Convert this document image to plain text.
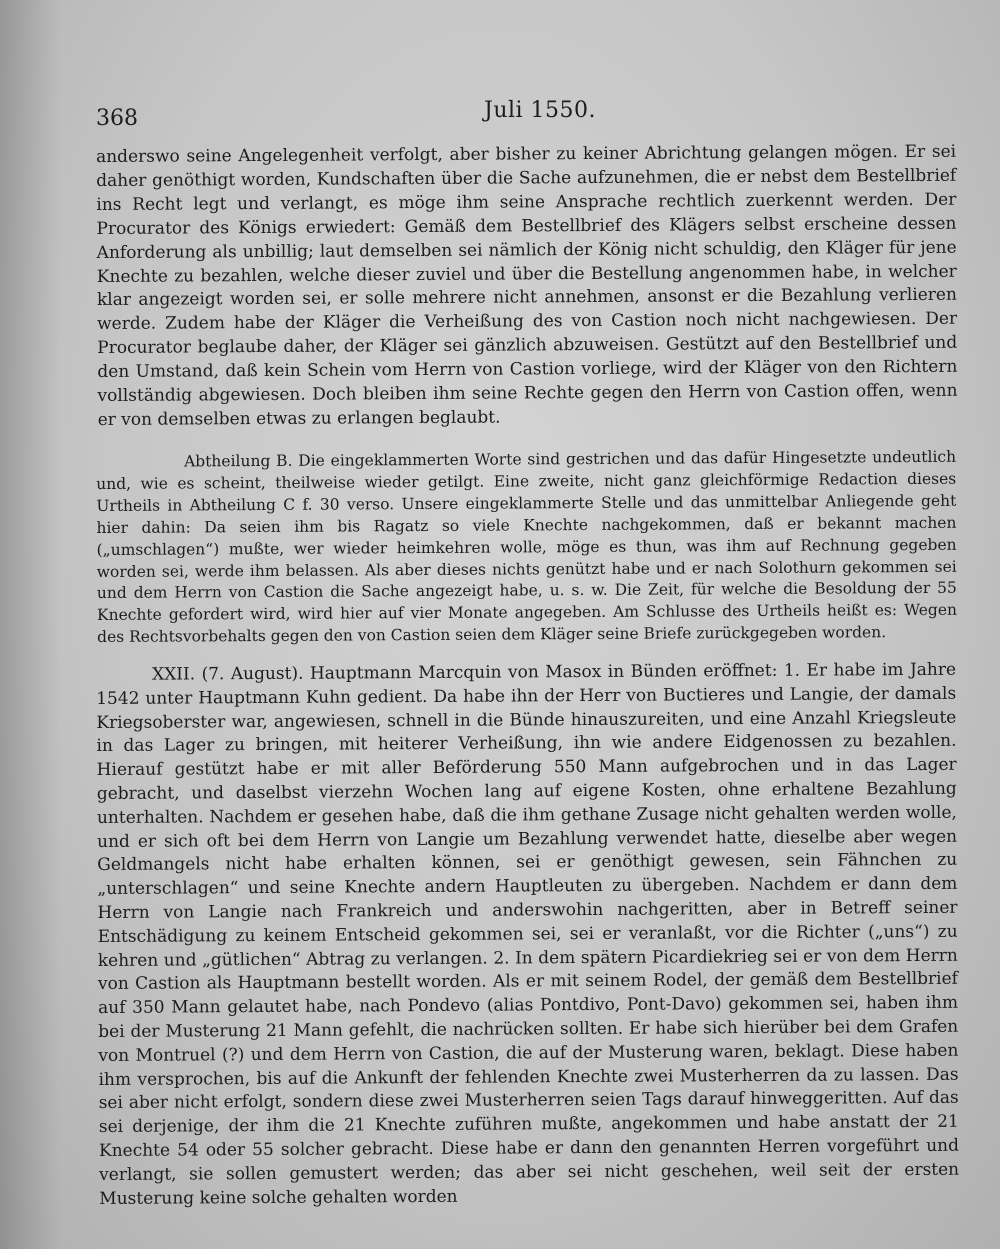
368	Juli 1550.

anderswo seine Angelegenheit verfolgt, aber bisher zu keiner Abrichtung gelangen mögen. Er sei daher genöthigt worden, Kundschaften über die Sache aufzunehmen, die er nebst dem Bestellbrief ins Recht legt und verlangt, es möge ihm seine Ansprache rechtlich zuerkennt werden. Der Procurator des Königs erwiedert: Gemäß dem Bestellbrief des Klägers selbst erscheine dessen Anforderung als unbillig; laut demselben sei nämlich der König nicht schuldig, den Kläger für jene Knechte zu bezahlen, welche dieser zuviel und über die Bestellung angenommen habe, in welcher klar angezeigt worden sei, er solle mehrere nicht annehmen, ansonst er die Bezahlung verlieren werde. Zudem habe der Kläger die Verheißung des von Castion noch nicht nachgewiesen. Der Procurator beglaube daher, der Kläger sei gänzlich abzuweisen. Gestützt auf den Bestellbrief und den Umstand, daß kein Schein vom Herrn von Castion vorliege, wird der Kläger von den Richtern vollständig abgewiesen. Doch bleiben ihm seine Rechte gegen den Herrn von Castion offen, wenn er von demselben etwas zu erlangen beglaubt.

Abtheilung B. Die eingeklammerten Worte sind gestrichen und das dafür Hingesetzte undeutlich und, wie es scheint, theilweise wieder getilgt. Eine zweite, nicht ganz gleichförmige Redaction dieses Urtheils in Abtheilung C f. 30 verso. Unsere eingeklammerte Stelle und das unmittelbar Anliegende geht hier dahin: Da seien ihm bis Ragatz so viele Knechte nachgekommen, daß er bekannt machen („umschlagen“) mußte, wer wieder heimkehren wolle, möge es thun, was ihm auf Rechnung gegeben worden sei, werde ihm belassen. Als aber dieses nichts genützt habe und er nach Solothurn gekommen sei und dem Herrn von Castion die Sache angezeigt habe, u. s. w. Die Zeit, für welche die Besoldung der 55 Knechte gefordert wird, wird hier auf vier Monate angegeben. Am Schlusse des Urtheils heißt es: Wegen des Rechtsvorbehalts gegen den von Castion seien dem Kläger seine Briefe zurückgegeben worden.

XXII. (7. August). Hauptmann Marcquin von Masox in Bünden eröffnet: 1. Er habe im Jahre 1542 unter Hauptmann Kuhn gedient. Da habe ihn der Herr von Buctieres und Langie, der damals Kriegsoberster war, angewiesen, schnell in die Bünde hinauszureiten, und eine Anzahl Kriegsleute in das Lager zu bringen, mit heiterer Verheißung, ihn wie andere Eidgenossen zu bezahlen. Hierauf gestützt habe er mit aller Beförderung 550 Mann aufgebrochen und in das Lager gebracht, und daselbst vierzehn Wochen lang auf eigene Kosten, ohne erhaltene Bezahlung unterhalten. Nachdem er gesehen habe, daß die ihm gethane Zusage nicht gehalten werden wolle, und er sich oft bei dem Herrn von Langie um Bezahlung verwendet hatte, dieselbe aber wegen Geldmangels nicht habe erhalten können, sei er genöthigt gewesen, sein Fähnchen zu „unterschlagen“ und seine Knechte andern Hauptleuten zu übergeben. Nachdem er dann dem Herrn von Langie nach Frankreich und anderswohin nachgeritten, aber in Betreff seiner Entschädigung zu keinem Entscheid gekommen sei, sei er veranlaßt, vor die Richter („uns“) zu kehren und „gütlichen“ Abtrag zu verlangen. 2. In dem spätern Picardiekrieg sei er von dem Herrn von Castion als Hauptmann bestellt worden. Als er mit seinem Rodel, der gemäß dem Bestellbrief auf 350 Mann gelautet habe, nach Pondevo (alias Pontdivo, Pont-Davo) gekommen sei, haben ihm bei der Musterung 21 Mann gefehlt, die nachrücken sollten. Er habe sich hierüber bei dem Grafen von Montruel (?) und dem Herrn von Castion, die auf der Musterung waren, beklagt. Diese haben ihm versprochen, bis auf die Ankunft der fehlenden Knechte zwei Musterherren da zu lassen. Das sei aber nicht erfolgt, sondern diese zwei Musterherren seien Tags darauf hinweggeritten. Auf das sei derjenige, der ihm die 21 Knechte zuführen mußte, angekommen und habe anstatt der 21 Knechte 54 oder 55 solcher gebracht. Diese habe er dann den genannten Herren vorgeführt und verlangt, sie sollen gemustert werden; das aber sei nicht geschehen, weil seit der ersten Musterung keine solche gehalten worden
